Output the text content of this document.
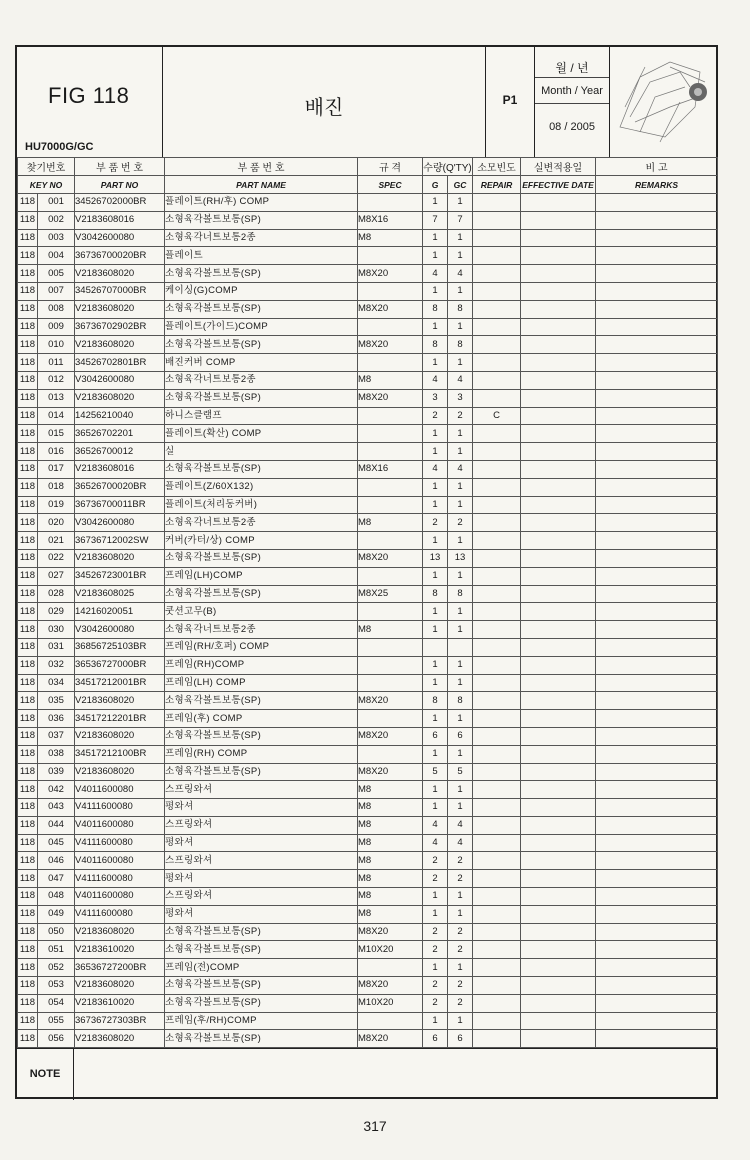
FIG 118
HU7000G/GC
배진	P1
월 / 년
Month / Year
08 / 2005
찾기번호		부 품 번 호	부 품 번 호	규 격	수량(Q'TY)		소모빈도	실변적용일	비 고
KEY NO		PART NO	PART NAME	SPEC	G	GC	REPAIR	EFFECTIVE DATE	REMARKS
118	001	34526702000BR	플레이트(RH/후) COMP		1	1			
118	002	V2183608016	소형육각볼트보통(SP)	M8X16	7	7			
118	003	V3042600080	소형육각너트보통2종	M8	1	1			
118	004	36736700020BR	플레이트		1	1			
118	005	V2183608020	소형육각볼트보통(SP)	M8X20	4	4			
118	007	34526707000BR	케이싱(G)COMP		1	1			
118	008	V2183608020	소형육각볼트보통(SP)	M8X20	8	8			
118	009	36736702902BR	플레이트(가이드)COMP		1	1			
118	010	V2183608020	소형육각볼트보통(SP)	M8X20	8	8			
118	011	34526702801BR	배진커버 COMP		1	1			
118	012	V3042600080	소형육각너트보통2종	M8	4	4			
118	013	V2183608020	소형육각볼트보통(SP)	M8X20	3	3			
118	014	14256210040	하니스클램프		2	2	C		
118	015	36526702201	플레이트(확산) COMP		1	1			
118	016	36526700012	실		1	1			
118	017	V2183608016	소형육각볼트보통(SP)	M8X16	4	4			
118	018	36526700020BR	플레이트(Z/60X132)		1	1			
118	019	36736700011BR	플레이트(처리동커버)		1	1			
118	020	V3042600080	소형육각너트보통2종	M8	2	2			
118	021	36736712002SW	커버(카터/상) COMP		1	1			
118	022	V2183608020	소형육각볼트보통(SP)	M8X20	13	13			
118	027	34526723001BR	프레임(LH)COMP		1	1			
118	028	V2183608025	소형육각볼트보통(SP)	M8X25	8	8			
118	029	14216020051	쿳션고무(B)		1	1			
118	030	V3042600080	소형육각너트보통2종	M8	1	1			
118	031	36856725103BR	프레임(RH/호퍼) COMP						
118	032	36536727000BR	프레임(RH)COMP		1	1			
118	034	34517212001BR	프레임(LH) COMP		1	1			
118	035	V2183608020	소형육각볼트보통(SP)	M8X20	8	8			
118	036	34517212201BR	프레임(후) COMP		1	1			
118	037	V2183608020	소형육각볼트보통(SP)	M8X20	6	6			
118	038	34517212100BR	프레임(RH) COMP		1	1			
118	039	V2183608020	소형육각볼트보통(SP)	M8X20	5	5			
118	042	V4011600080	스프링와셔	M8	1	1			
118	043	V4111600080	평와셔	M8	1	1			
118	044	V4011600080	스프링와셔	M8	4	4			
118	045	V4111600080	평와셔	M8	4	4			
118	046	V4011600080	스프링와셔	M8	2	2			
118	047	V4111600080	평와셔	M8	2	2			
118	048	V4011600080	스프링와셔	M8	1	1			
118	049	V4111600080	평와셔	M8	1	1			
118	050	V2183608020	소형육각볼트보통(SP)	M8X20	2	2			
118	051	V2183610020	소형육각볼트보통(SP)	M10X20	2	2			
118	052	36536727200BR	프레임(전)COMP		1	1			
118	053	V2183608020	소형육각볼트보통(SP)	M8X20	2	2			
118	054	V2183610020	소형육각볼트보통(SP)	M10X20	2	2			
118	055	36736727303BR	프레임(후/RH)COMP		1	1			
118	056	V2183608020	소형육각볼트보통(SP)	M8X20	6	6			
NOTE
317
